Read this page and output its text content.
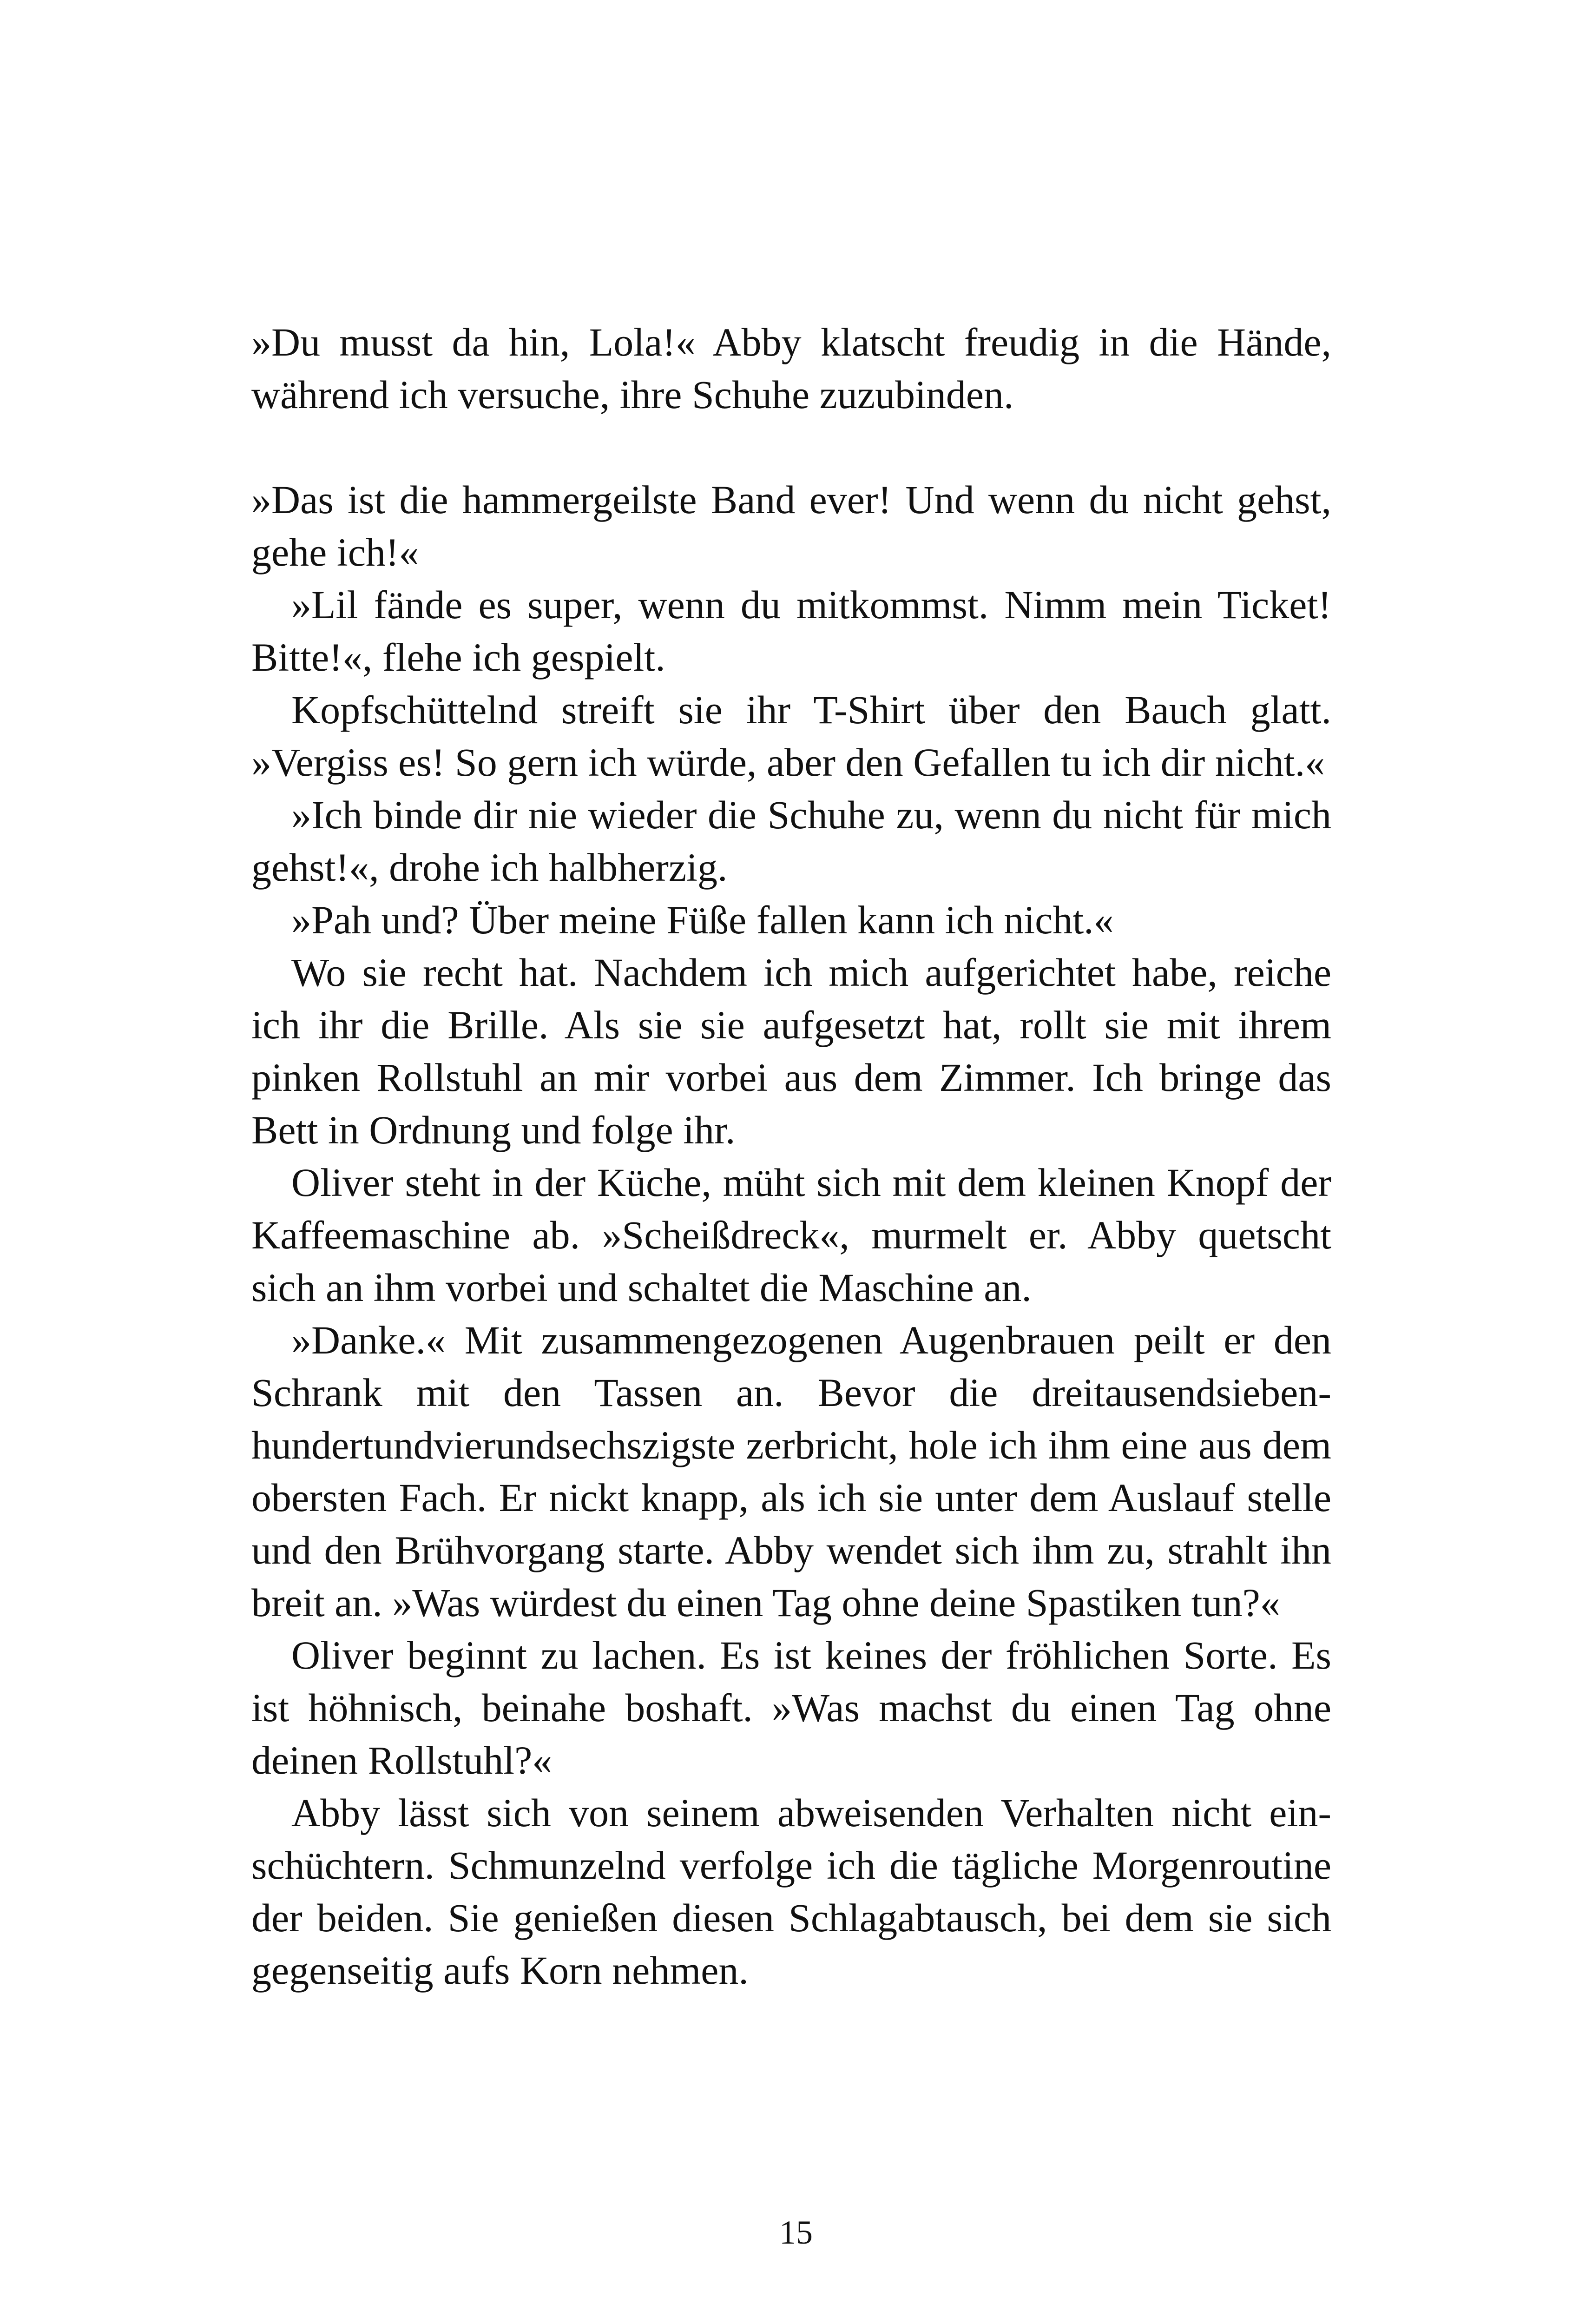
»Du musst da hin, Lola!« Abby klatscht freudig in die Hände, während ich versuche, ihre Schuhe zuzubinden.

»Das ist die hammergeilste Band ever! Und wenn du nicht gehst, gehe ich!«

»Lil fände es super, wenn du mitkommst. Nimm mein Ticket! Bitte!«, flehe ich gespielt.

Kopfschüttelnd streift sie ihr T-Shirt über den Bauch glatt. »Vergiss es! So gern ich würde, aber den Gefallen tu ich dir nicht.«

»Ich binde dir nie wieder die Schuhe zu, wenn du nicht für mich gehst!«, drohe ich halbherzig.

»Pah und? Über meine Füße fallen kann ich nicht.«

Wo sie recht hat. Nachdem ich mich aufgerichtet habe, reiche ich ihr die Brille. Als sie sie aufgesetzt hat, rollt sie mit ihrem pinken Rollstuhl an mir vorbei aus dem Zimmer. Ich bringe das Bett in Ordnung und folge ihr.

Oliver steht in der Küche, müht sich mit dem kleinen Knopf der Kaffeemaschine ab. »Scheißdreck«, murmelt er. Abby quetscht sich an ihm vorbei und schaltet die Maschine an.

»Danke.« Mit zusammengezogenen Augenbrauen peilt er den Schrank mit den Tassen an. Bevor die dreitausendsiebenhundertundvierundsechszigste zerbricht, hole ich ihm eine aus dem obersten Fach. Er nickt knapp, als ich sie unter dem Auslauf stelle und den Brühvorgang starte. Abby wendet sich ihm zu, strahlt ihn breit an. »Was würdest du einen Tag ohne deine Spastiken tun?«

Oliver beginnt zu lachen. Es ist keines der fröhlichen Sorte. Es ist höhnisch, beinahe boshaft. »Was machst du einen Tag ohne deinen Rollstuhl?«

Abby lässt sich von seinem abweisenden Verhalten nicht einschüchtern. Schmunzelnd verfolge ich die tägliche Morgenroutine der beiden. Sie genießen diesen Schlagabtausch, bei dem sie sich gegenseitig aufs Korn nehmen.

15
